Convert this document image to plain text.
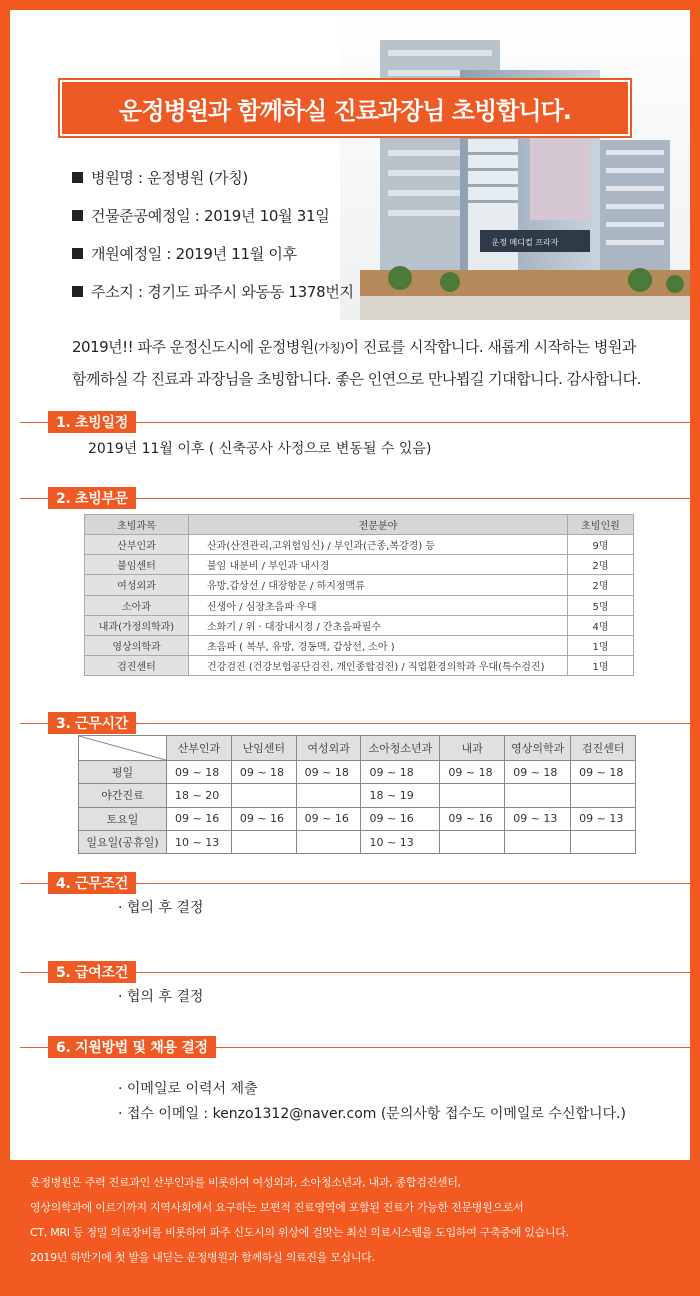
운정 메디컬 프라자
운정병원과 함께하실 진료과장님 초빙합니다.
병원명 : 운정병원 (가칭)
건물준공예정일 : 2019년 10월 31일
개원예정일 : 2019년 11월 이후
주소지 : 경기도 파주시 와동동 1378번지
2019년!! 파주 운정신도시에 운정병원(가칭)이 진료를 시작합니다. 새롭게 시작하는 병원과
함께하실 각 진료과 과장님을 초빙합니다. 좋은 인연으로 만나뵙길 기대합니다. 감사합니다.
1. 초빙일정
2019년 11월 이후 ( 신축공사 사정으로 변동될 수 있음)
2. 초빙부문
초빙과목	전문분야	초빙인원
산부인과	산과(산전관리,고위험임신) / 부인과(근종,복강경) 등	9명
불임센터	불임 내분비 / 부인과 내시경	2명
여성외과	유방,갑상선 / 대장항문 / 하지정맥류	2명
소아과	신생아 / 심장초음파 우대	5명
내과(가정의학과)	소화기 / 위 · 대장내시경 / 간초음파필수	4명
영상의학과	초음파 ( 복부, 유방, 경동맥, 갑상선, 소아 )	1명
검진센터	건강검진 (건강보험공단검진, 개인종합검진) / 직업환경의학과 우대(특수검진)	1명
3. 근무시간
	산부인과	난임센터	여성외과	소아청소년과	내과	영상의학과	검진센터
평일	09 ~ 18	09 ~ 18	09 ~ 18	09 ~ 18	09 ~ 18	09 ~ 18	09 ~ 18
야간진료	18 ~ 20			18 ~ 19			
토요일	09 ~ 16	09 ~ 16	09 ~ 16	09 ~ 16	09 ~ 16	09 ~ 13	09 ~ 13
일요일(공휴일)	10 ~ 13			10 ~ 13			
4. 근무조건
· 협의 후 결정
5. 급여조건
· 협의 후 결정
6. 지원방법 및 채용 결정
· 이메일로 이력서 제출
· 접수 이메일 : kenzo1312@naver.com (문의사항 접수도 이메일로 수신합니다.)
운정병원은 주력 진료과인 산부인과를 비롯하여 여성외과, 소아청소년과, 내과, 종합검진센터,
영상의학과에 이르기까지 지역사회에서 요구하는 보편적 진료영역에 포함된 진료가 가능한 전문병원으로서
CT, MRI 등 정밀 의료장비를 비롯하여 파주 신도시의 위상에 걸맞는 최신 의료시스템을 도입하여 구축중에 있습니다.
2019년 하반기에 첫 발을 내딛는 운정병원과 함께하실 의료진을 모십니다.
